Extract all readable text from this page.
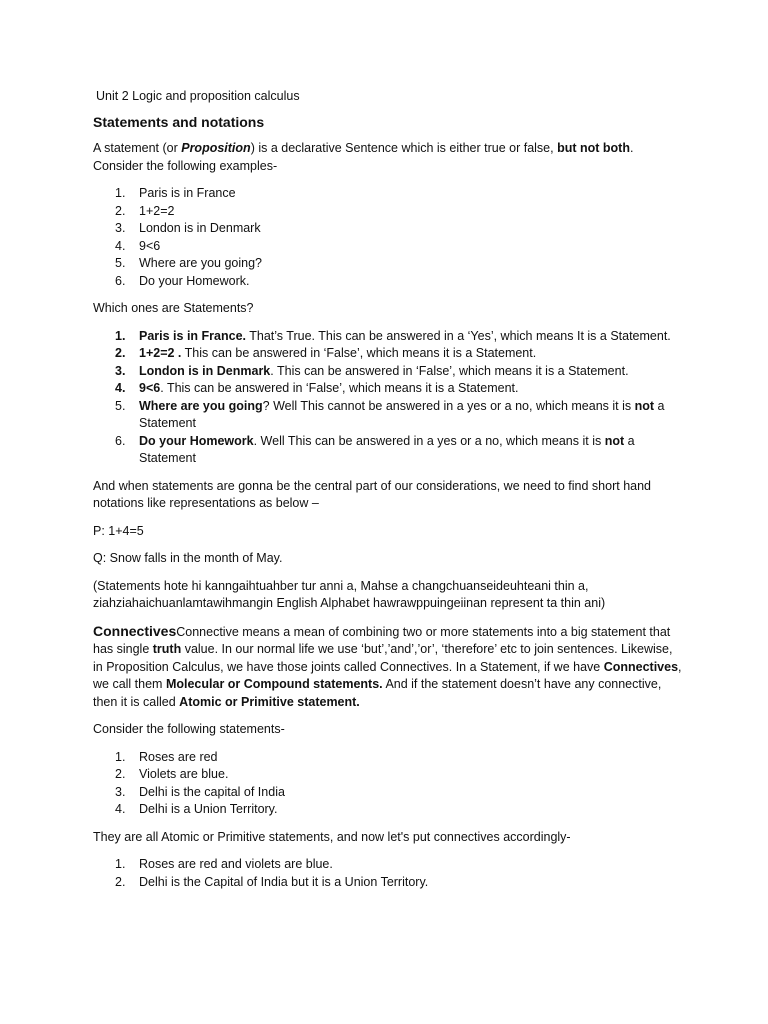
Unit 2 Logic and proposition calculus

Statements and notations

A statement (or Proposition) is a declarative Sentence which is either true or false, but not both. Consider the following examples-

1.	Paris is in France
2.	1+2=2
3.	London is in Denmark
4.	9<6
5.	Where are you going?
6.	Do your Homework.

Which ones are Statements?

1.	Paris is in France. That’s True. This can be answered in a ‘Yes’, which means It is a Statement.
2.	1+2=2 . This can be answered in ‘False’, which means it is a Statement.
3.	London is in Denmark. This can be answered in ‘False’, which means it is a Statement.
4.	9<6. This can be answered in ‘False’, which means it is a Statement.
5.	Where are you going? Well This cannot be answered in a yes or a no, which means it is not a Statement
6.	Do your Homework. Well This can be answered in a yes or a no, which means it is not a Statement

And when statements are gonna be the central part of our considerations, we need to find short hand notations like representations as below –

P: 1+4=5

Q: Snow falls in the month of May.

(Statements hote hi kanngaihtuahber tur anni a, Mahse a changchuanseideuhteani thin a, ziahziahaichuanlamtawihmangin English Alphabet hawrawppuingeiinan represent ta thin ani)

ConnectivesConnective means a mean of combining two or more statements into a big statement that has single truth value. In our normal life we use ‘but’,’and’,’or’, ‘therefore’ etc to join sentences. Likewise, in Proposition Calculus, we have those joints called Connectives. In a Statement, if we have Connectives, we call them Molecular or Compound statements. And if the statement doesn’t have any connective, then it is called Atomic or Primitive statement.

Consider the following statements-

1.	Roses are red
2.	Violets are blue.
3.	Delhi is the capital of India
4.	Delhi is a Union Territory.

They are all Atomic or Primitive statements, and now let's put connectives accordingly-

1.	Roses are red and violets are blue.
2.	Delhi is the Capital of India but it is a Union Territory.
